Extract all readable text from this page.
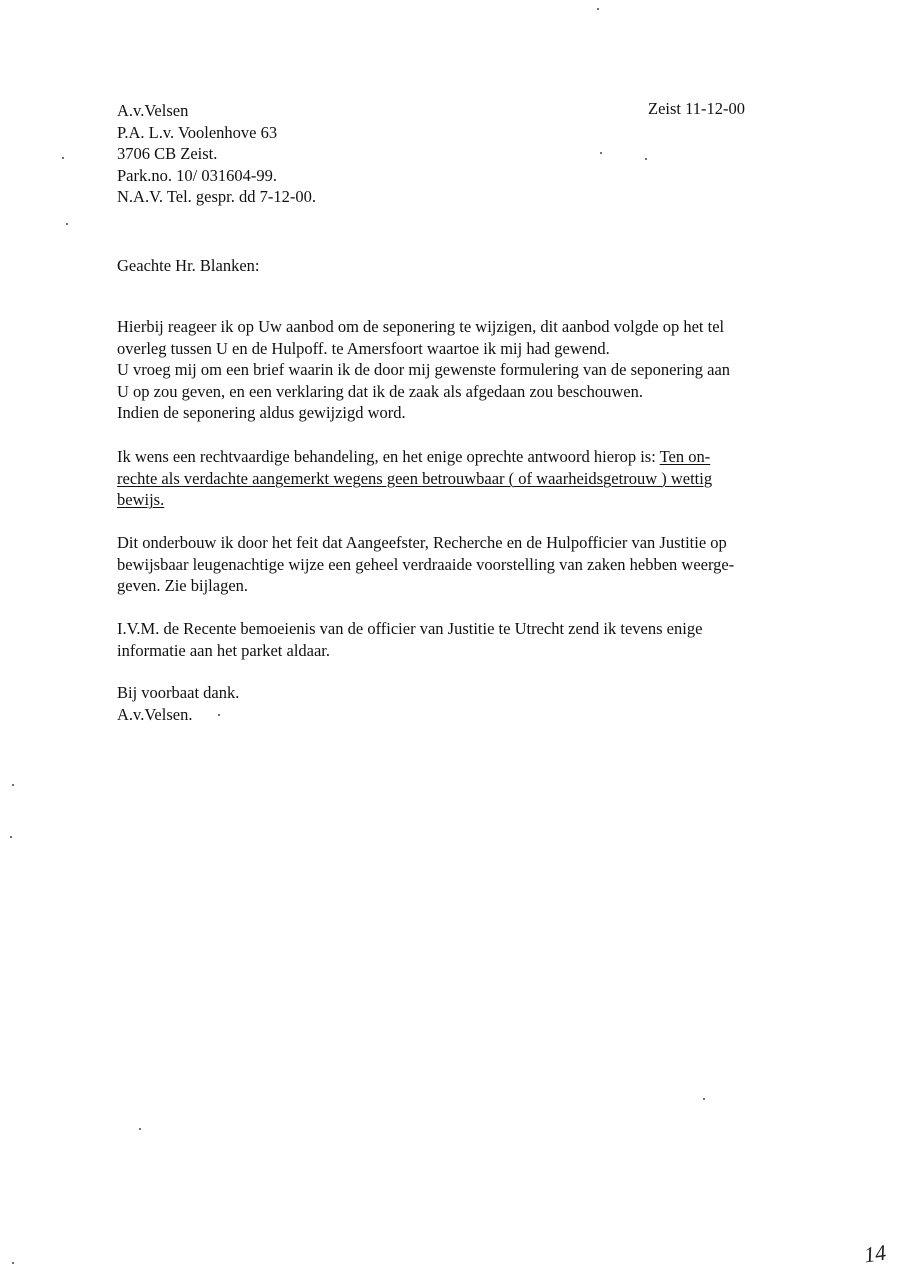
A.v.Velsen
P.A. L.v. Voolenhove 63
3706 CB Zeist.
Park.no. 10/ 031604-99.
N.A.V. Tel. gespr. dd 7-12-00.
Zeist 11-12-00
Geachte Hr. Blanken:
Hierbij reageer ik op Uw aanbod om de seponering te wijzigen, dit aanbod volgde op het tel
overleg tussen U en de Hulpoff. te Amersfoort waartoe ik mij had gewend.
U vroeg mij om een brief waarin ik de door mij gewenste formulering van de seponering aan
U op zou geven, en een verklaring dat ik de zaak als afgedaan zou beschouwen.
Indien de seponering aldus gewijzigd word.
Ik wens een rechtvaardige behandeling, en het enige oprechte antwoord hierop is: Ten on-
rechte als verdachte aangemerkt wegens geen betrouwbaar ( of waarheidsgetrouw ) wettig
bewijs.
Dit onderbouw ik door het feit dat Aangeefster, Recherche en de Hulpofficier van Justitie op
bewijsbaar leugenachtige wijze een geheel verdraaide voorstelling van zaken hebben weerge-
geven. Zie bijlagen.
I.V.M. de Recente bemoeienis van de officier van Justitie te Utrecht zend ik tevens enige
informatie aan het parket aldaar.
Bij voorbaat dank.
A.v.Velsen.
14
